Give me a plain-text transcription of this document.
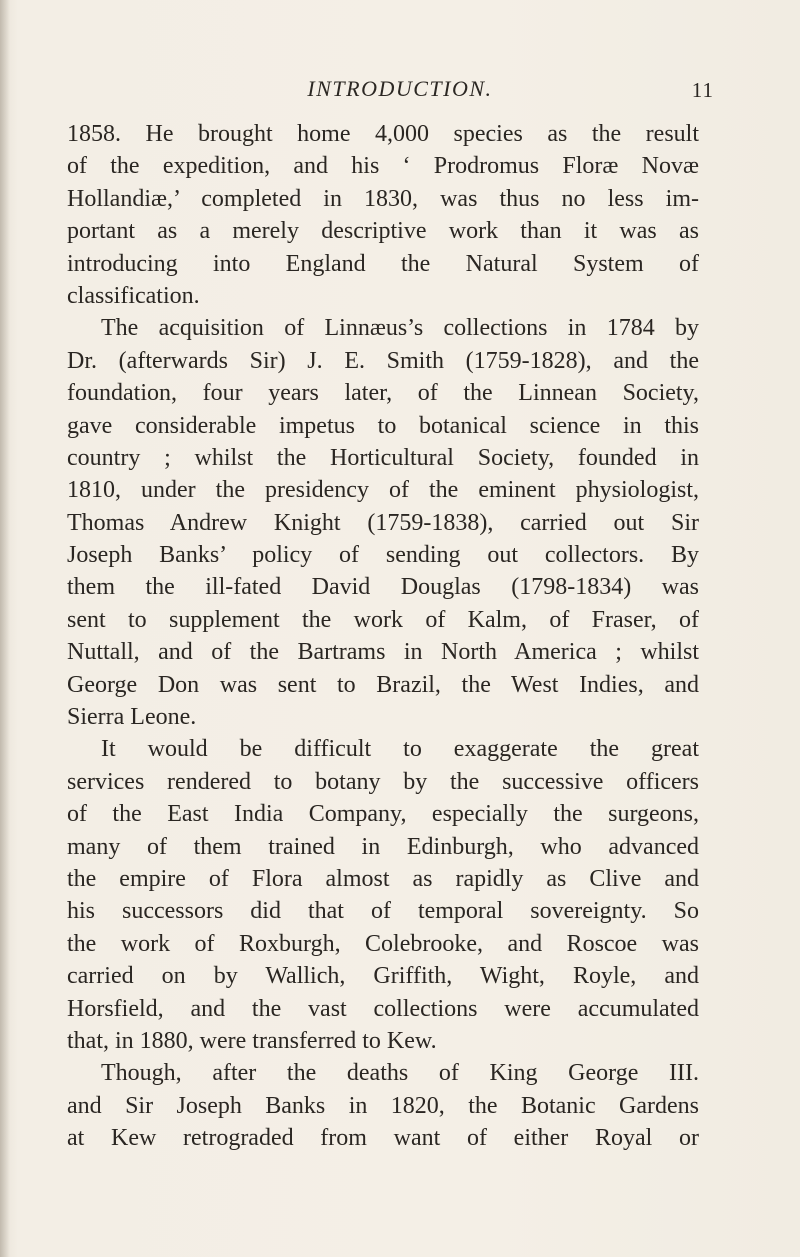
INTRODUCTION.	11
1858. He brought home 4,000 species as the result
of the expedition, and his ‘ Prodromus Floræ Novæ
Hollandiæ,’ completed in 1830, was thus no less im-
portant as a merely descriptive work than it was as
introducing into England the Natural System of
classification.
The acquisition of Linnæus’s collections in 1784 by
Dr. (afterwards Sir) J. E. Smith (1759-1828), and the
foundation, four years later, of the Linnean Society,
gave considerable impetus to botanical science in this
country ; whilst the Horticultural Society, founded in
1810, under the presidency of the eminent physiologist,
Thomas Andrew Knight (1759-1838), carried out Sir
Joseph Banks’ policy of sending out collectors. By
them the ill-fated David Douglas (1798-1834) was
sent to supplement the work of Kalm, of Fraser, of
Nuttall, and of the Bartrams in North America ; whilst
George Don was sent to Brazil, the West Indies, and
Sierra Leone.
It would be difficult to exaggerate the great
services rendered to botany by the successive officers
of the East India Company, especially the surgeons,
many of them trained in Edinburgh, who advanced
the empire of Flora almost as rapidly as Clive and
his successors did that of temporal sovereignty. So
the work of Roxburgh, Colebrooke, and Roscoe was
carried on by Wallich, Griffith, Wight, Royle, and
Horsfield, and the vast collections were accumulated
that, in 1880, were transferred to Kew.
Though, after the deaths of King George III.
and Sir Joseph Banks in 1820, the Botanic Gardens
at Kew retrograded from want of either Royal or
